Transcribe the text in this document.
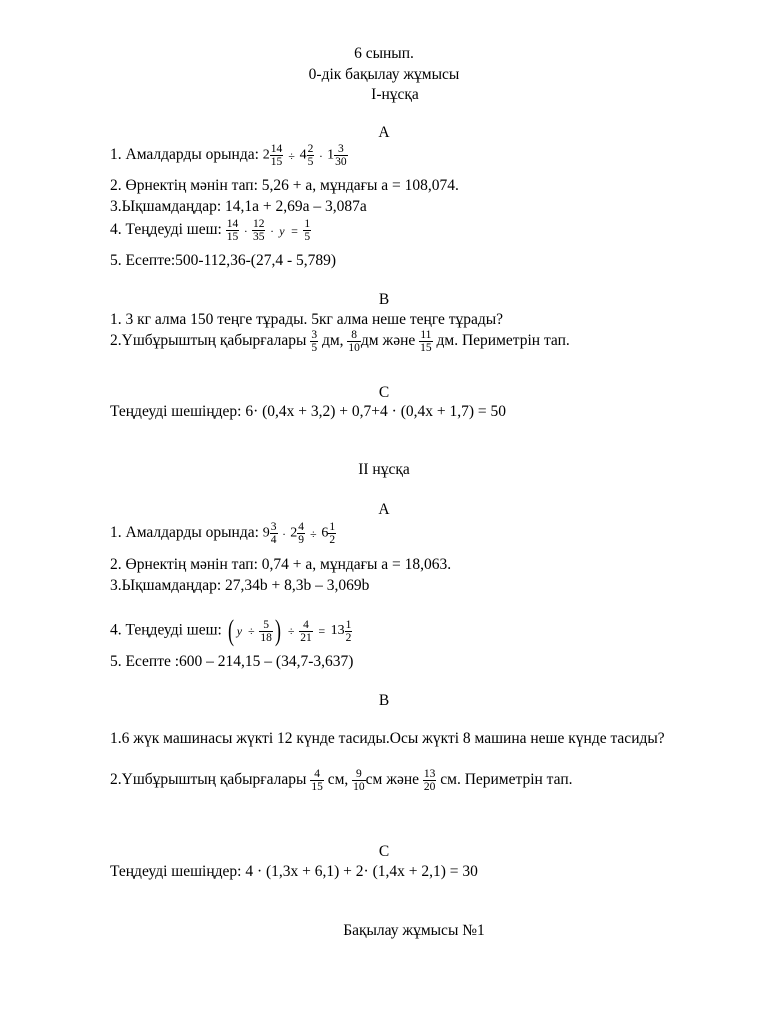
6 сынып.
0-дік бақылау жұмысы
І-нұсқа
А
1. Амалдарды орында: $2 \frac{14}{15} \div 4 \frac{2}{5} \cdot 1 \frac{3}{30}$
2. Өрнектің мәнін тап: 5,26 + а, мұндағы а = 108,074.
3.Ықшамдаңдар: 14,1а + 2,69а – 3,087а
4. Теңдеуді шеш: $\frac{14}{15} \cdot \frac{12}{35} \cdot y = \frac{1}{5}$
5. Есепте:500-112,36-(27,4 - 5,789)
В
1. 3 кг алма 150 теңге тұрады. 5кг алма неше теңге тұрады?
2.Үшбұрыштың қабырғалары $\frac{3}{5}$ дм, $\frac{8}{10}$ дм және $\frac{11}{15}$ дм. Периметрін тап.
С
Теңдеуді шешіңдер: 6· (0,4х + 3,2) + 0,7+4 · (0,4х + 1,7) = 50
ІІ нұсқа
А
1. Амалдарды орында: $9 \frac{3}{4} \cdot 2 \frac{4}{9} \div 6 \frac{1}{2}$
2. Өрнектің мәнін тап: 0,74 + а, мұндағы а = 18,063.
3.Ықшамдаңдар: 27,34b + 8,3b – 3,069b
4. Теңдеуді шеш: ( $y \div \frac{5}{18}$ ) ÷ $\frac{4}{21} = 13 \frac{1}{2}$
5. Есепте :600 – 214,15 – (34,7-3,637)
В
1.6 жүк машинасы жүкті 12 күнде тасиды.Осы жүкті 8 машина неше күнде тасиды?
2.Үшбұрыштың қабырғалары $\frac{4}{15}$ см, $\frac{9}{10}$ см және $\frac{13}{20}$ см. Периметрін тап.
С
Теңдеуді шешіңдер: 4 · (1,3х + 6,1) + 2· (1,4х + 2,1) = 30
Бақылау жұмысы №1
